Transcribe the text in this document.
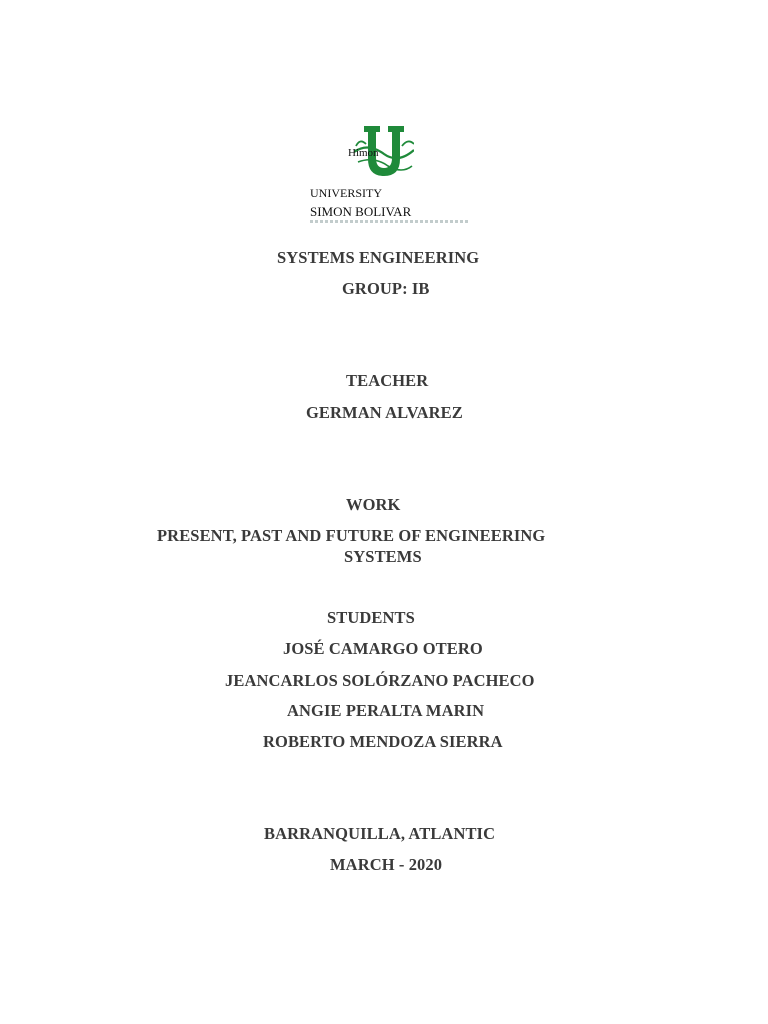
Himon
UNIVERSITY
SIMON BOLIVAR
SYSTEMS ENGINEERING
GROUP: IB
TEACHER
GERMAN ALVAREZ
WORK
PRESENT, PAST AND FUTURE OF ENGINEERING
SYSTEMS
STUDENTS
JOSÉ CAMARGO OTERO
JEANCARLOS SOLÓRZANO PACHECO
ANGIE PERALTA MARIN
ROBERTO MENDOZA SIERRA
BARRANQUILLA, ATLANTIC
MARCH - 2020
